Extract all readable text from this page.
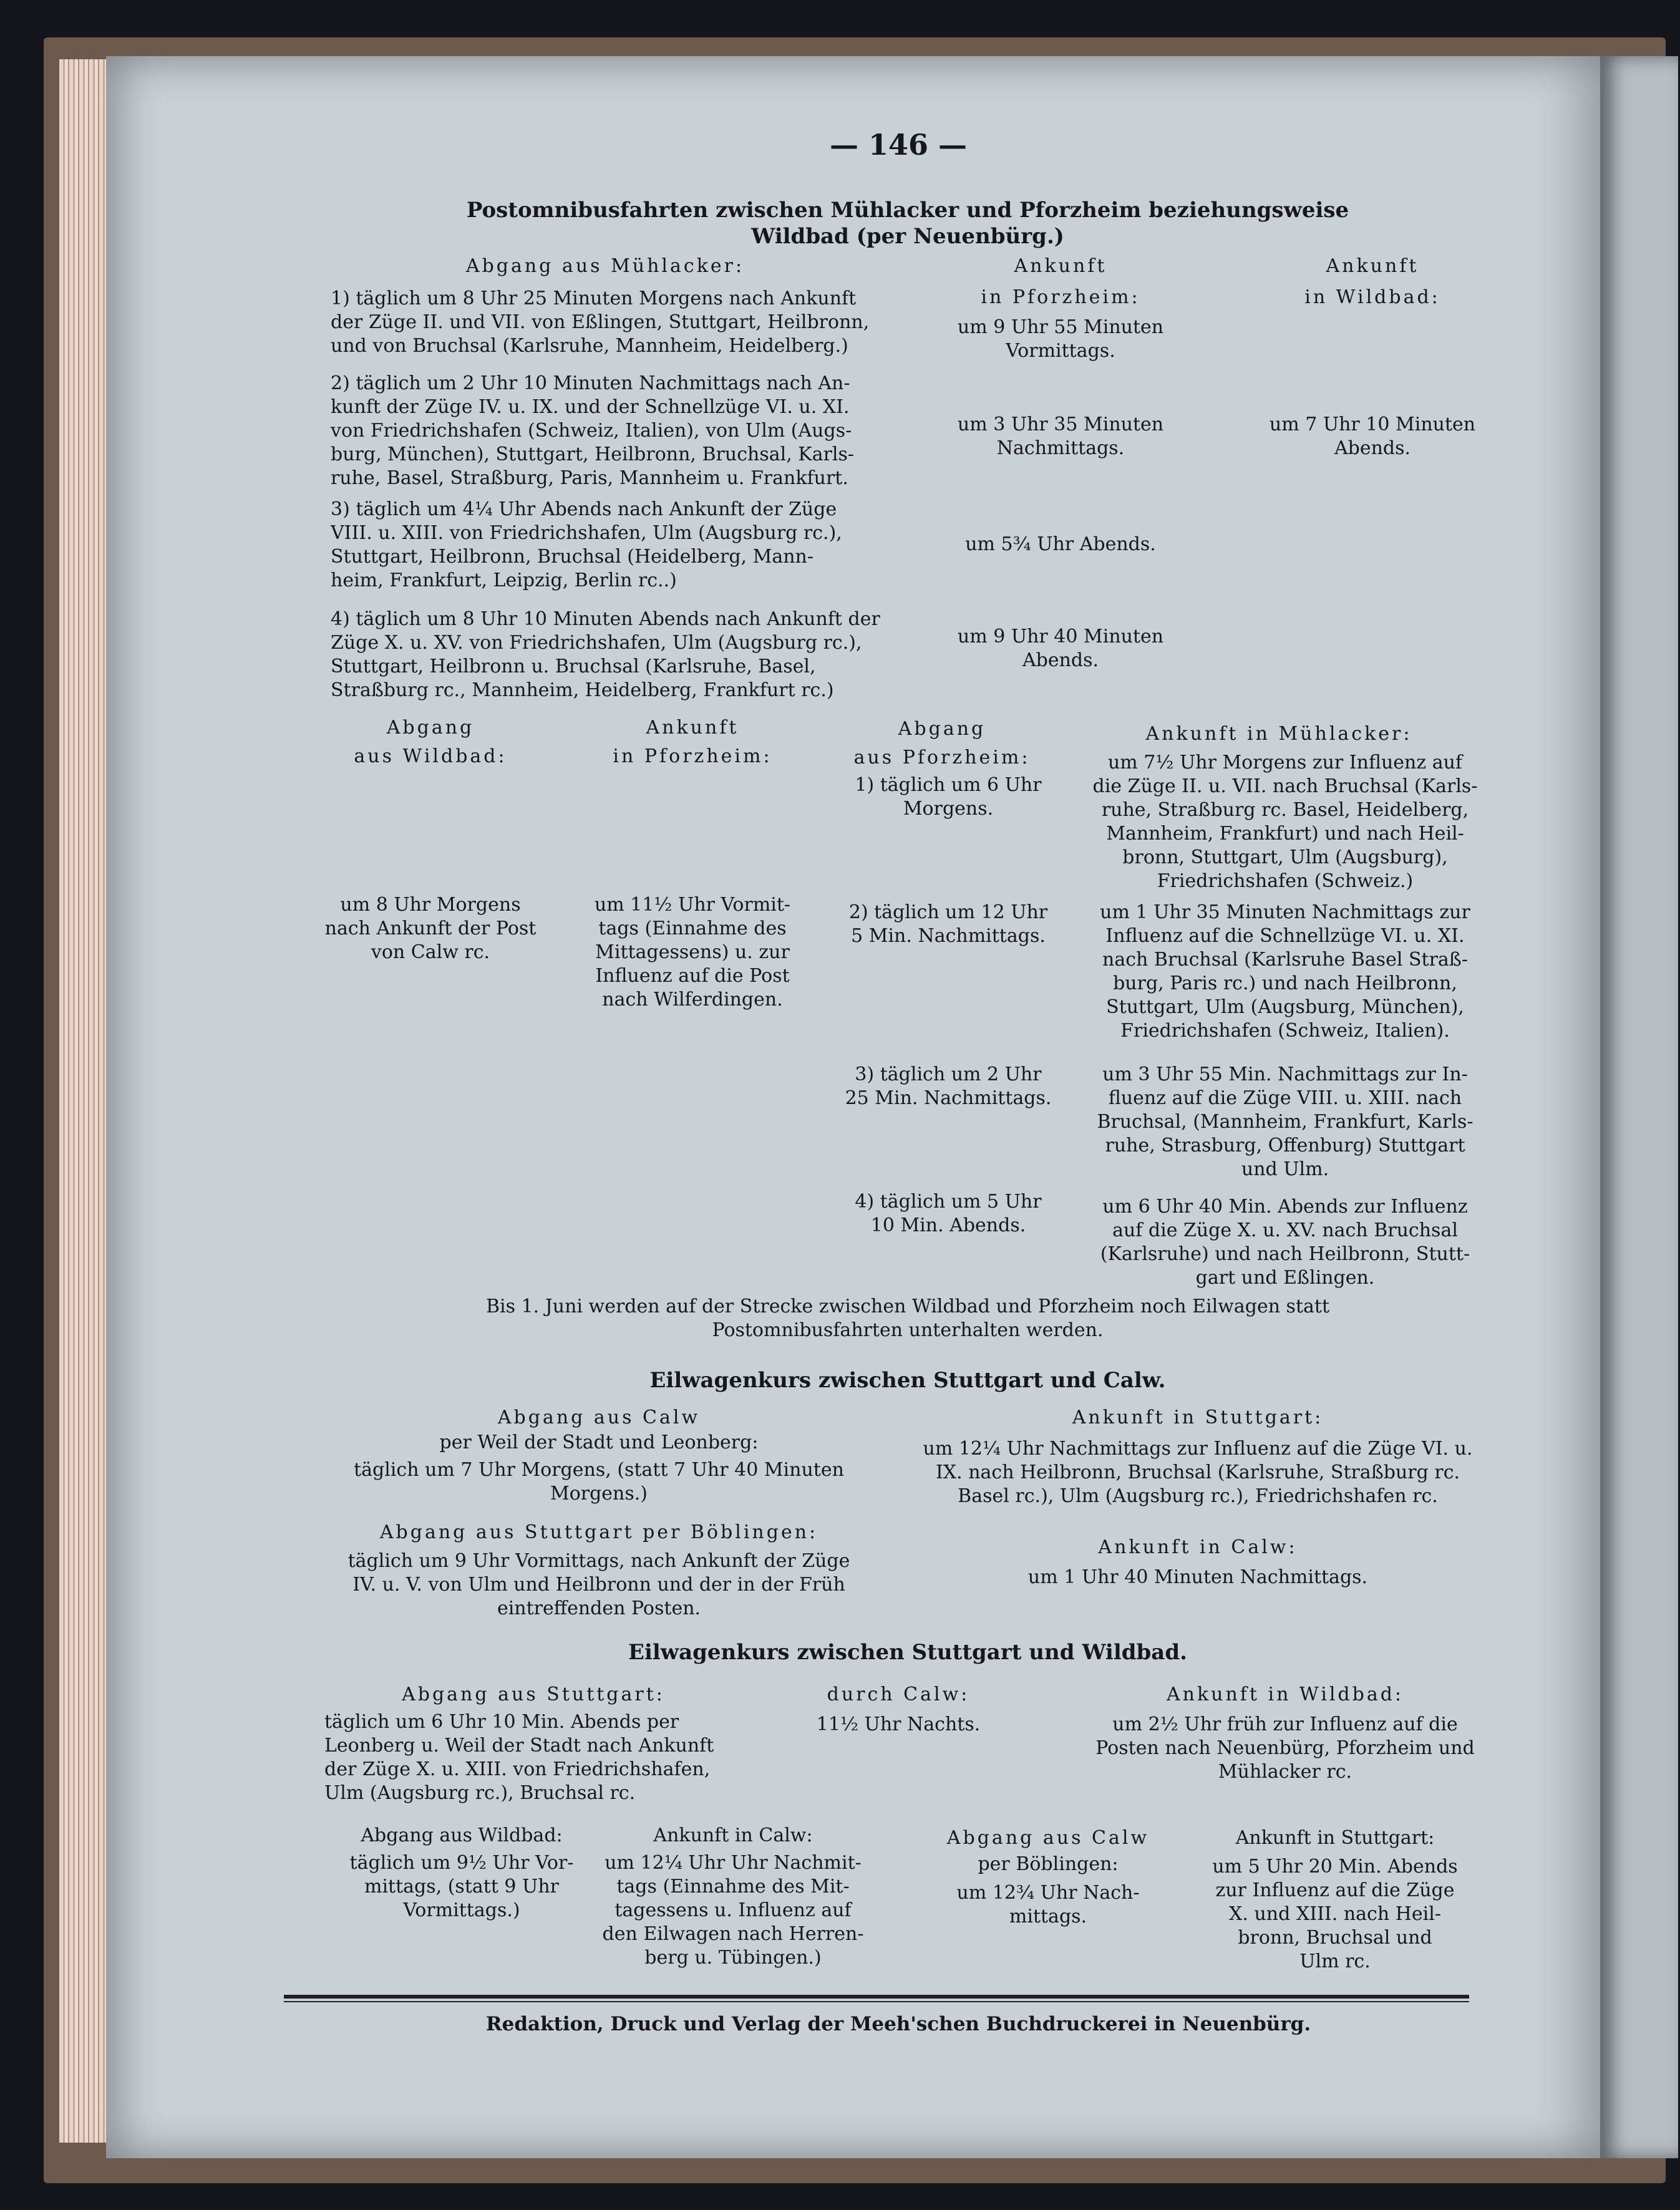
— 146 —
Postomnibusfahrten zwischen Mühlacker und Pforzheim beziehungsweise
Wildbad (per Neuenbürg.)
Abgang aus Mühlacker:	Ankunft
in Pforzheim:
Ankunft
in Wildbad:
1) täglich um 8 Uhr 25 Minuten Morgens nach Ankunft
der Züge II. und VII. von Eßlingen, Stuttgart, Heilbronn,
und von Bruchsal (Karlsruhe, Mannheim, Heidelberg.)
um 9 Uhr 55 Minuten
Vormittags.
2) täglich um 2 Uhr 10 Minuten Nachmittags nach An-
kunft der Züge IV. u. IX. und der Schnellzüge VI. u. XI.
von Friedrichshafen (Schweiz, Italien), von Ulm (Augs-
burg, München), Stuttgart, Heilbronn, Bruchsal, Karls-
ruhe, Basel, Straßburg, Paris, Mannheim u. Frankfurt.
um 3 Uhr 35 Minuten
Nachmittags.
um 7 Uhr 10 Minuten
Abends.
3) täglich um 4¼ Uhr Abends nach Ankunft der Züge
VIII. u. XIII. von Friedrichshafen, Ulm (Augsburg rc.),
Stuttgart, Heilbronn, Bruchsal (Heidelberg, Mann-
heim, Frankfurt, Leipzig, Berlin rc..)
um 5¾ Uhr Abends.
4) täglich um 8 Uhr 10 Minuten Abends nach Ankunft der
Züge X. u. XV. von Friedrichshafen, Ulm (Augsburg rc.),
Stuttgart, Heilbronn u. Bruchsal (Karlsruhe, Basel,
Straßburg rc., Mannheim, Heidelberg, Frankfurt rc.)
um 9 Uhr 40 Minuten
Abends.
Abgang
aus Wildbad:
Ankunft
in Pforzheim:
Abgang
aus Pforzheim:
Ankunft in Mühlacker:
1) täglich um 6 Uhr
Morgens.
um 7½ Uhr Morgens zur Influenz auf
die Züge II. u. VII. nach Bruchsal (Karls-
ruhe, Straßburg rc. Basel, Heidelberg,
Mannheim, Frankfurt) und nach Heil-
bronn, Stuttgart, Ulm (Augsburg),
Friedrichshafen (Schweiz.)
um 8 Uhr Morgens
nach Ankunft der Post
von Calw rc.
um 11½ Uhr Vormit-
tags (Einnahme des
Mittagessens) u. zur
Influenz auf die Post
nach Wilferdingen.
2) täglich um 12 Uhr
5 Min. Nachmittags.
um 1 Uhr 35 Minuten Nachmittags zur
Influenz auf die Schnellzüge VI. u. XI.
nach Bruchsal (Karlsruhe Basel Straß-
burg, Paris rc.) und nach Heilbronn,
Stuttgart, Ulm (Augsburg, München),
Friedrichshafen (Schweiz, Italien).
3) täglich um 2 Uhr
25 Min. Nachmittags.
um 3 Uhr 55 Min. Nachmittags zur In-
fluenz auf die Züge VIII. u. XIII. nach
Bruchsal, (Mannheim, Frankfurt, Karls-
ruhe, Strasburg, Offenburg) Stuttgart
und Ulm.
4) täglich um 5 Uhr
10 Min. Abends.
um 6 Uhr 40 Min. Abends zur Influenz
auf die Züge X. u. XV. nach Bruchsal
(Karlsruhe) und nach Heilbronn, Stutt-
gart und Eßlingen.
Bis 1. Juni werden auf der Strecke zwischen Wildbad und Pforzheim noch Eilwagen statt
Postomnibusfahrten unterhalten werden.
Eilwagenkurs zwischen Stuttgart und Calw.
Abgang aus Calw
per Weil der Stadt und Leonberg:
täglich um 7 Uhr Morgens, (statt 7 Uhr 40 Minuten
Morgens.)
Ankunft in Stuttgart:
um 12¼ Uhr Nachmittags zur Influenz auf die Züge VI. u.
IX. nach Heilbronn, Bruchsal (Karlsruhe, Straßburg rc.
Basel rc.), Ulm (Augsburg rc.), Friedrichshafen rc.
Abgang aus Stuttgart per Böblingen:
täglich um 9 Uhr Vormittags, nach Ankunft der Züge
IV. u. V. von Ulm und Heilbronn und der in der Früh
eintreffenden Posten.
Ankunft in Calw:
um 1 Uhr 40 Minuten Nachmittags.
Eilwagenkurs zwischen Stuttgart und Wildbad.
Abgang aus Stuttgart:
täglich um 6 Uhr 10 Min. Abends per
Leonberg u. Weil der Stadt nach Ankunft
der Züge X. u. XIII. von Friedrichshafen,
Ulm (Augsburg rc.), Bruchsal rc.
durch Calw:
11½ Uhr Nachts.
Ankunft in Wildbad:
um 2½ Uhr früh zur Influenz auf die
Posten nach Neuenbürg, Pforzheim und
Mühlacker rc.
Abgang aus Wildbad:
täglich um 9½ Uhr Vor-
mittags, (statt 9 Uhr
Vormittags.)
Ankunft in Calw:
um 12¼ Uhr Uhr Nachmit-
tags (Einnahme des Mit-
tagessens u. Influenz auf
den Eilwagen nach Herren-
berg u. Tübingen.)
Abgang aus Calw
per Böblingen:
um 12¾ Uhr Nach-
mittags.
Ankunft in Stuttgart:
um 5 Uhr 20 Min. Abends
zur Influenz auf die Züge
X. und XIII. nach Heil-
bronn, Bruchsal und
Ulm rc.
Redaktion, Druck und Verlag der Meeh'schen Buchdruckerei in Neuenbürg.
